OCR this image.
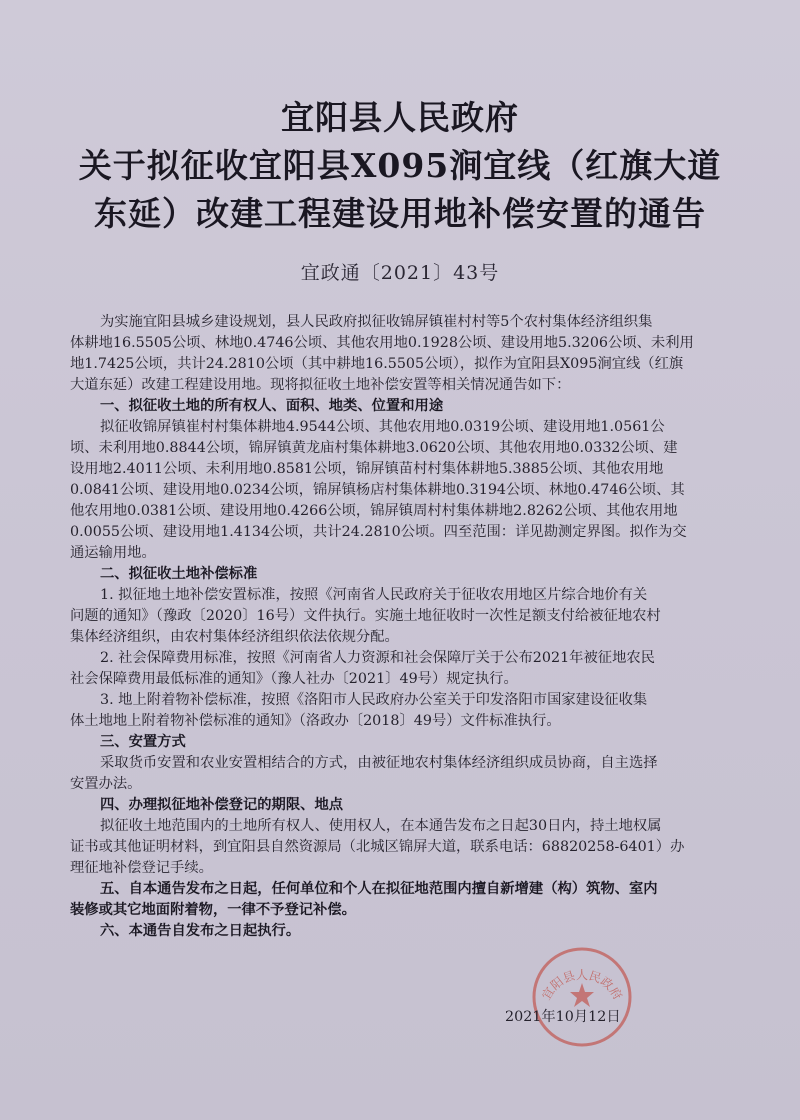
宜阳县人民政府
关于拟征收宜阳县X095涧宜线（红旗大道
东延）改建工程建设用地补偿安置的通告
宜政通〔2021〕43号
为实施宜阳县城乡建设规划，县人民政府拟征收锦屏镇崔村村等5个农村集体经济组织集
体耕地16.5505公顷、林地0.4746公顷、其他农用地0.1928公顷、建设用地5.3206公顷、未利用
地1.7425公顷，共计24.2810公顷（其中耕地16.5505公顷），拟作为宜阳县X095涧宜线（红旗
大道东延）改建工程建设用地。现将拟征收土地补偿安置等相关情况通告如下：
一、拟征收土地的所有权人、面积、地类、位置和用途
拟征收锦屏镇崔村村集体耕地4.9544公顷、其他农用地0.0319公顷、建设用地1.0561公
顷、未利用地0.8844公顷，锦屏镇黄龙庙村集体耕地3.0620公顷、其他农用地0.0332公顷、建
设用地2.4011公顷、未利用地0.8581公顷，锦屏镇苗村村集体耕地5.3885公顷、其他农用地
0.0841公顷、建设用地0.0234公顷，锦屏镇杨店村集体耕地0.3194公顷、林地0.4746公顷、其
他农用地0.0381公顷、建设用地0.4266公顷，锦屏镇周村村集体耕地2.8262公顷、其他农用地
0.0055公顷、建设用地1.4134公顷，共计24.2810公顷。四至范围：详见勘测定界图。拟作为交
通运输用地。
二、拟征收土地补偿标准
1. 拟征地土地补偿安置标准，按照《河南省人民政府关于征收农用地区片综合地价有关
问题的通知》（豫政〔2020〕16号）文件执行。实施土地征收时一次性足额支付给被征地农村
集体经济组织，由农村集体经济组织依法依规分配。
2. 社会保障费用标准，按照《河南省人力资源和社会保障厅关于公布2021年被征地农民
社会保障费用最低标准的通知》（豫人社办〔2021〕49号）规定执行。
3. 地上附着物补偿标准，按照《洛阳市人民政府办公室关于印发洛阳市国家建设征收集
体土地地上附着物补偿标准的通知》（洛政办〔2018〕49号）文件标准执行。
三、安置方式
采取货币安置和农业安置相结合的方式，由被征地农村集体经济组织成员协商，自主选择
安置办法。
四、办理拟征地补偿登记的期限、地点
拟征收土地范围内的土地所有权人、使用权人，在本通告发布之日起30日内，持土地权属
证书或其他证明材料，到宜阳县自然资源局（北城区锦屏大道，联系电话：68820258-6401）办
理征地补偿登记手续。
五、自本通告发布之日起，任何单位和个人在拟征地范围内擅自新增建（构）筑物、室内
装修或其它地面附着物，一律不予登记补偿。
六、本通告自发布之日起执行。
宜阳县人民政府
2021年10月12日
